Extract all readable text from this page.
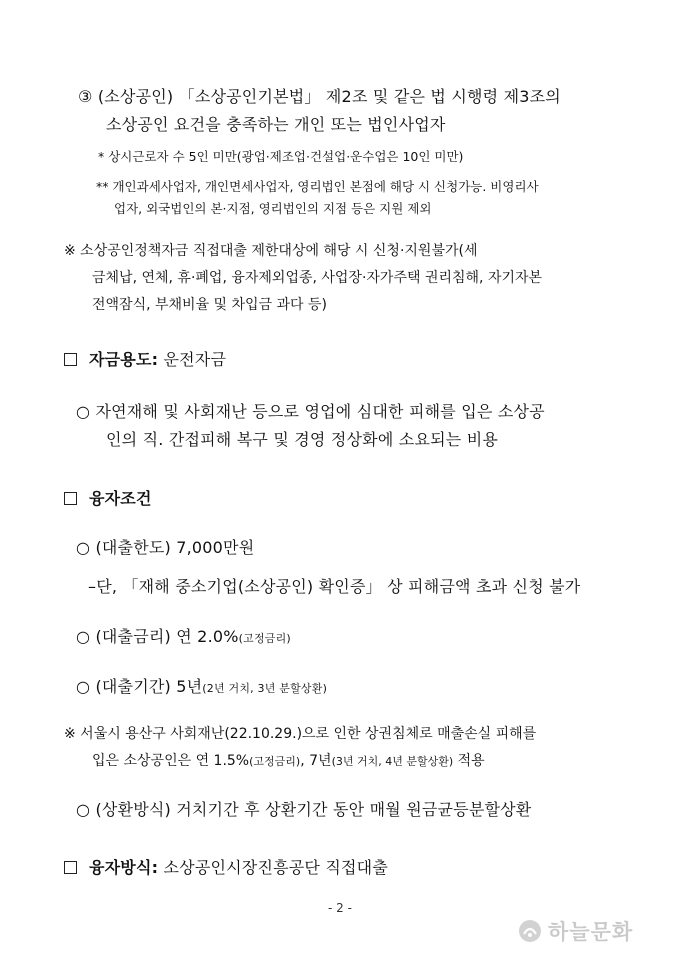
③ (소상공인) 「소상공인기본법」 제2조 및 같은 법 시행령 제3조의
소상공인 요건을 충족하는 개인 또는 법인사업자
* 상시근로자 수 5인 미만(광업·제조업·건설업·운수업은 10인 미만)
** 개인과세사업자, 개인면세사업자, 영리법인 본점에 해당 시 신청가능. 비영리사
업자, 외국법인의 본·지점, 영리법인의 지점 등은 지원 제외
※ 소상공인정책자금 직접대출 제한대상에 해당 시 신청·지원불가(세
금체납, 연체, 휴·폐업, 융자제외업종, 사업장·자가주택 권리침해, 자기자본
전액잠식, 부채비율 및 차입금 과다 등)
자금용도: 운전자금
○ 자연재해 및 사회재난 등으로 영업에 심대한 피해를 입은 소상공
인의 직. 간접피해 복구 및 경영 정상화에 소요되는 비용
융자조건
○ (대출한도) 7,000만원
–단, 「재해 중소기업(소상공인) 확인증」 상 피해금액 초과 신청 불가
○ (대출금리) 연 2.0%(고정금리)
○ (대출기간) 5년(2년 거치, 3년 분할상환)
※ 서울시 용산구 사회재난(22.10.29.)으로 인한 상권침체로 매출손실 피해를
입은 소상공인은 연 1.5%(고정금리), 7년(3년 거치, 4년 분할상환) 적용
○ (상환방식) 거치기간 후 상환기간 동안 매월 원금균등분할상환
융자방식: 소상공인시장진흥공단 직접대출
- 2 -
하늘문화
